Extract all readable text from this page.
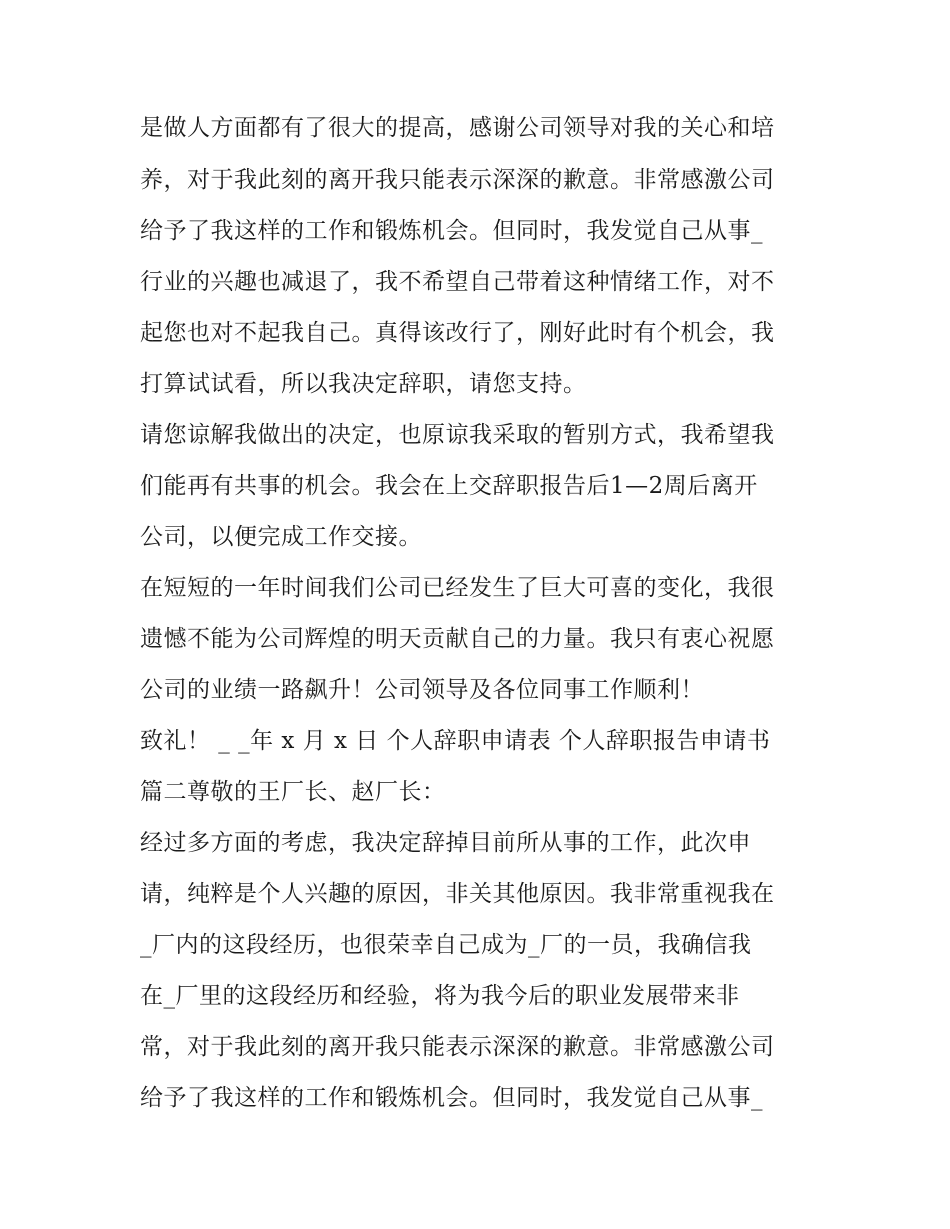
是做人方面都有了很大的提高，感谢公司领导对我的关心和培
养，对于我此刻的离开我只能表示深深的歉意。非常感激公司
给予了我这样的工作和锻炼机会。但同时，我发觉自己从事_
行业的兴趣也减退了，我不希望自己带着这种情绪工作，对不
起您也对不起我自己。真得该改行了，刚好此时有个机会，我
打算试试看，所以我决定辞职，请您支持。
请您谅解我做出的决定，也原谅我采取的暂别方式，我希望我
们能再有共事的机会。我会在上交辞职报告后1—2周后离开
公司，以便完成工作交接。
在短短的一年时间我们公司已经发生了巨大可喜的变化，我很
遗憾不能为公司辉煌的明天贡献自己的力量。我只有衷心祝愿
公司的业绩一路飙升！公司领导及各位同事工作顺利！
致礼！ _ _年 x 月 x 日 个人辞职申请表 个人辞职报告申请书
篇二尊敬的王厂长、赵厂长：
经过多方面的考虑，我决定辞掉目前所从事的工作，此次申
请，纯粹是个人兴趣的原因，非关其他原因。我非常重视我在
_厂内的这段经历，也很荣幸自己成为_厂的一员，我确信我
在_厂里的这段经历和经验，将为我今后的职业发展带来非
常，对于我此刻的离开我只能表示深深的歉意。非常感激公司
给予了我这样的工作和锻炼机会。但同时，我发觉自己从事_
